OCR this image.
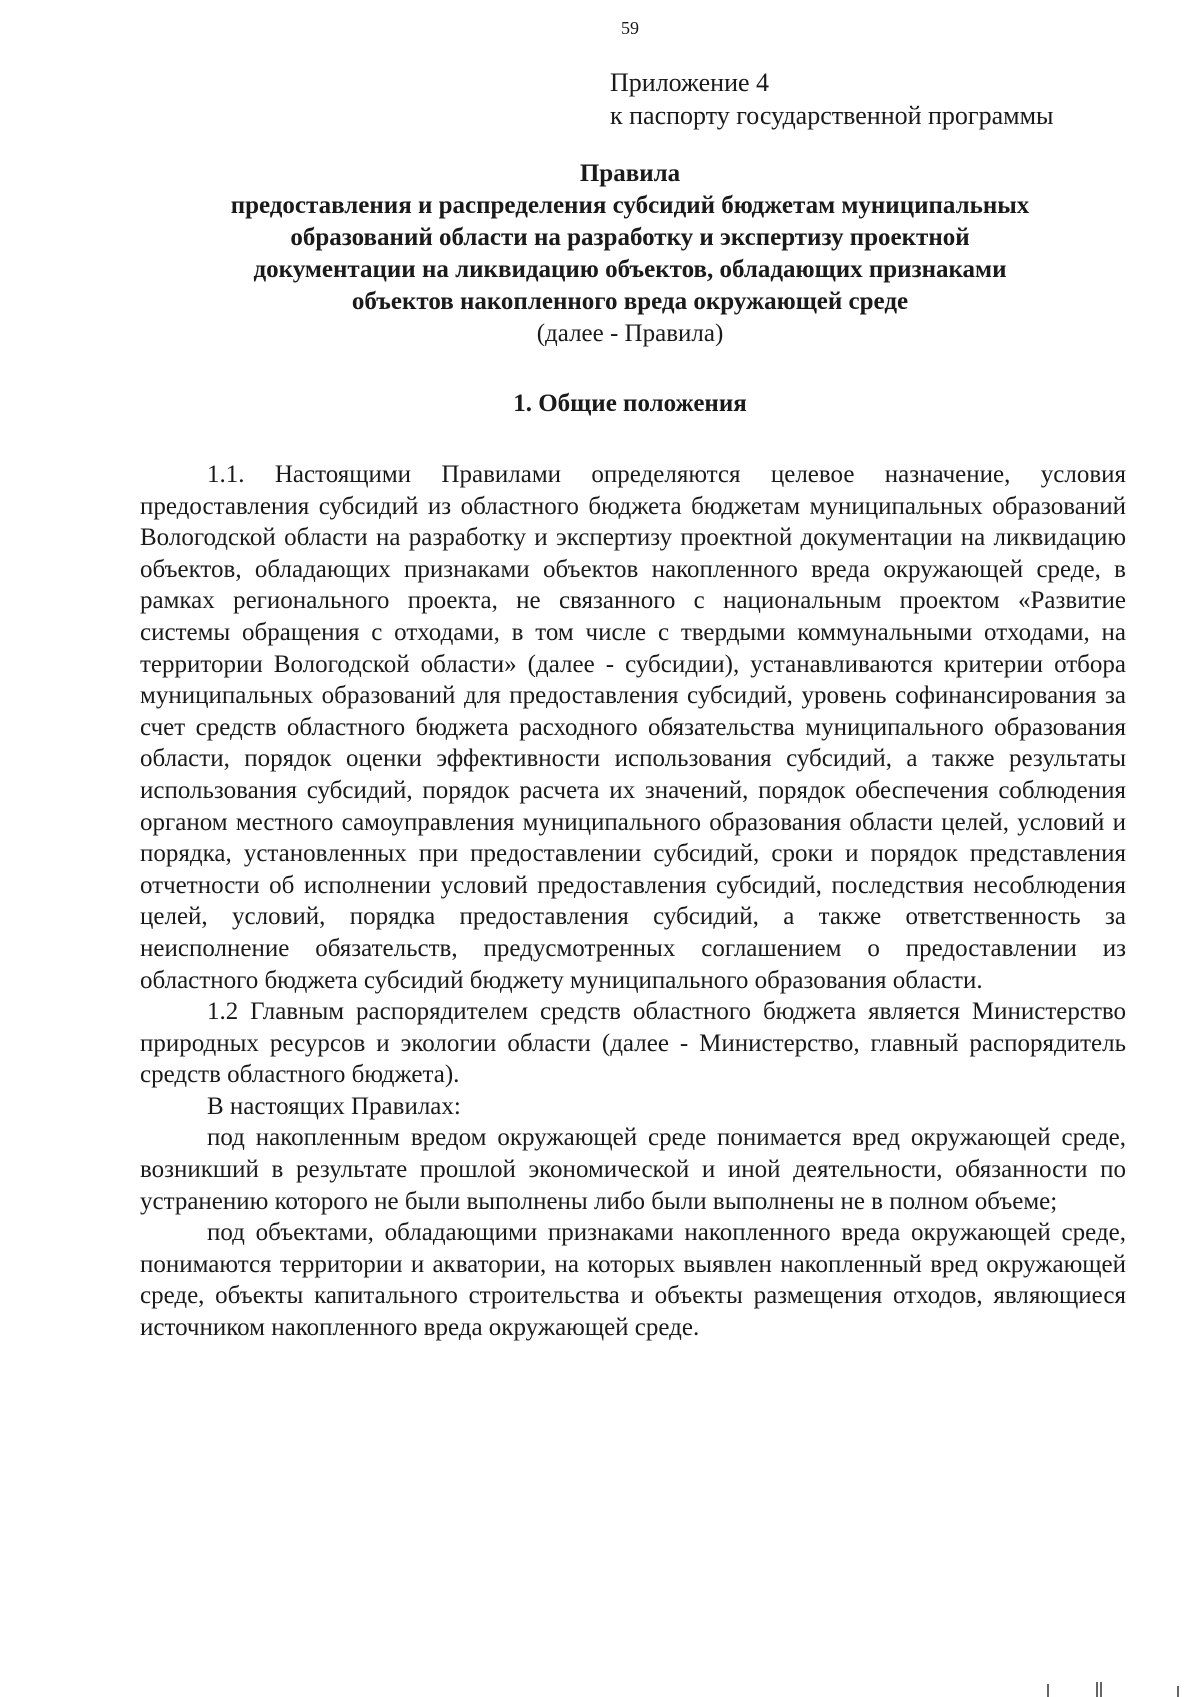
59
Приложение 4
к паспорту государственной программы
Правила
предоставления и распределения субсидий бюджетам муниципальных
образований области на разработку и экспертизу проектной
документации на ликвидацию объектов, обладающих признаками
объектов накопленного вреда окружающей среде
(далее - Правила)
1. Общие положения

1.1. Настоящими Правилами определяются целевое назначение, условия предоставления субсидий из областного бюджета бюджетам муниципальных образований Вологодской области на разработку и экспертизу проектной документации на ликвидацию объектов, обладающих признаками объектов накопленного вреда окружающей среде, в рамках регионального проекта, не связанного с национальным проектом «Развитие системы обращения с отходами, в том числе с твердыми коммунальными отходами, на территории Вологодской области» (далее - субсидии), устанавливаются критерии отбора муниципальных образований для предоставления субсидий, уровень софинансирования за счет средств областного бюджета расходного обязательства муниципального образования области, порядок оценки эффективности использования субсидий, а также результаты использования субсидий, порядок расчета их значений, порядок обеспечения соблюдения органом местного самоуправления муниципального образования области целей, условий и порядка, установленных при предоставлении субсидий, сроки и порядок представления отчетности об исполнении условий предоставления субсидий, последствия несоблюдения целей, условий, порядка предоставления субсидий, а также ответственность за неисполнение обязательств, предусмотренных соглашением о предоставлении из областного бюджета субсидий бюджету муниципального образования области.

1.2 Главным распорядителем средств областного бюджета является Министерство природных ресурсов и экологии области (далее - Министерство, главный распорядитель средств областного бюджета).

В настоящих Правилах:

под накопленным вредом окружающей среде понимается вред окружающей среде, возникший в результате прошлой экономической и иной деятельности, обязанности по устранению которого не были выполнены либо были выполнены не в полном объеме;

под объектами, обладающими признаками накопленного вреда окружающей среде, понимаются территории и акватории, на которых выявлен накопленный вред окружающей среде, объекты капитального строительства и объекты размещения отходов, являющиеся источником накопленного вреда окружающей среде.
